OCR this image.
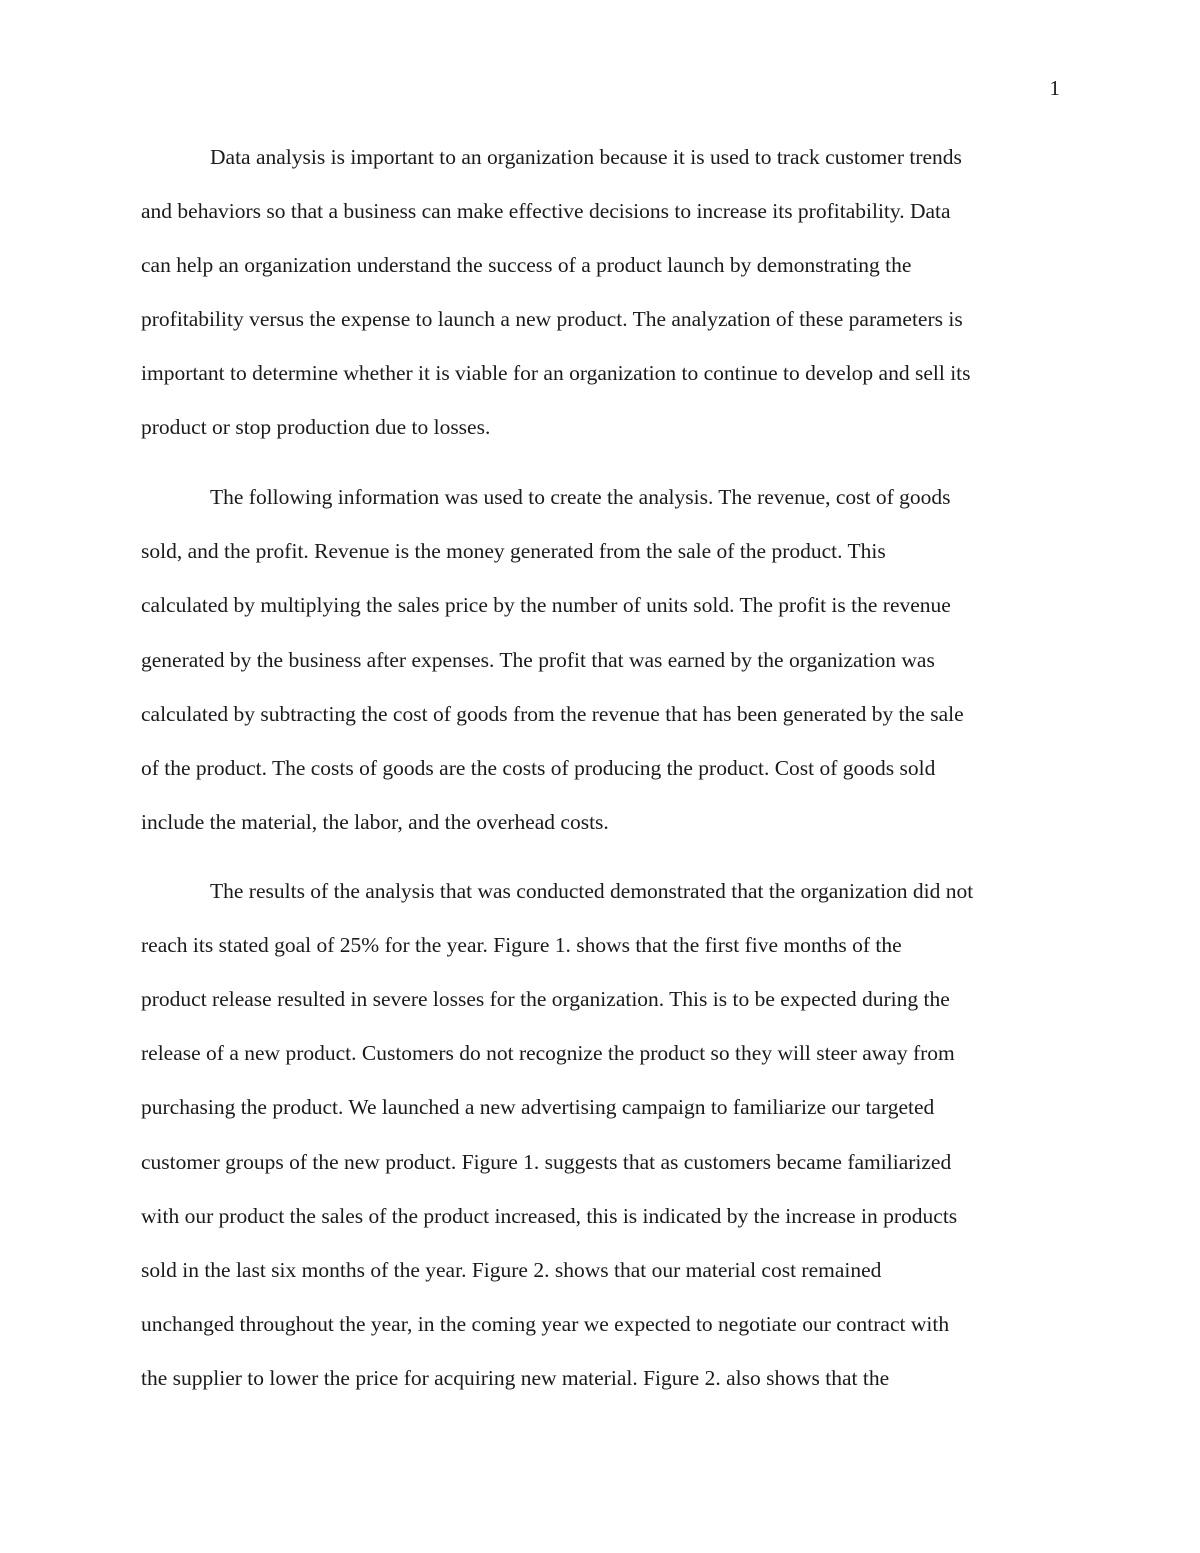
1
Data analysis is important to an organization because it is used to track customer trends
and behaviors so that a business can make effective decisions to increase its profitability. Data
can help an organization understand the success of a product launch by demonstrating the
profitability versus the expense to launch a new product. The analyzation of these parameters is
important to determine whether it is viable for an organization to continue to develop and sell its
product or stop production due to losses.
The following information was used to create the analysis. The revenue, cost of goods
sold, and the profit. Revenue is the money generated from the sale of the product. This
calculated by multiplying the sales price by the number of units sold. The profit is the revenue
generated by the business after expenses. The profit that was earned by the organization was
calculated by subtracting the cost of goods from the revenue that has been generated by the sale
of the product. The costs of goods are the costs of producing the product. Cost of goods sold
include the material, the labor, and the overhead costs.
The results of the analysis that was conducted demonstrated that the organization did not
reach its stated goal of 25% for the year. Figure 1. shows that the first five months of the
product release resulted in severe losses for the organization. This is to be expected during the
release of a new product. Customers do not recognize the product so they will steer away from
purchasing the product. We launched a new advertising campaign to familiarize our targeted
customer groups of the new product. Figure 1. suggests that as customers became familiarized
with our product the sales of the product increased, this is indicated by the increase in products
sold in the last six months of the year. Figure 2. shows that our material cost remained
unchanged throughout the year, in the coming year we expected to negotiate our contract with
the supplier to lower the price for acquiring new material. Figure 2. also shows that the
